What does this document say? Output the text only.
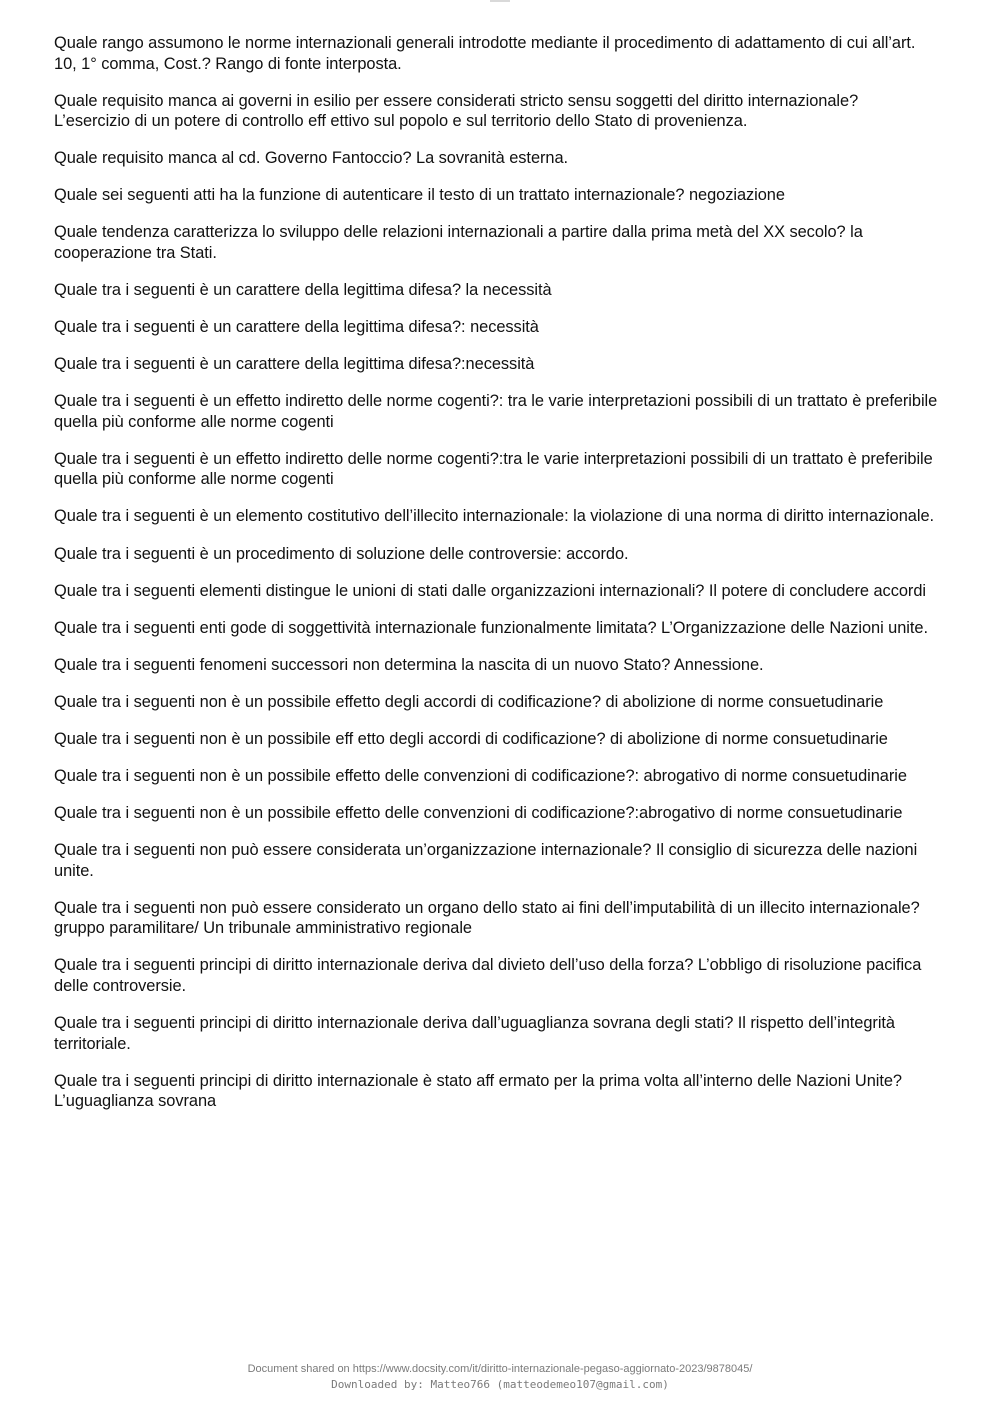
Quale rango assumono le norme internazionali generali introdotte mediante il procedimento di adattamento di cui all’art. 10, 1° comma, Cost.? Rango di fonte interposta.

Quale requisito manca ai governi in esilio per essere considerati stricto sensu soggetti del diritto internazionale? L’esercizio di un potere di controllo eff ettivo sul popolo e sul territorio dello Stato di provenienza.

Quale requisito manca al cd. Governo Fantoccio? La sovranità esterna.

Quale sei seguenti atti ha la funzione di autenticare il testo di un trattato internazionale? negoziazione

Quale tendenza caratterizza lo sviluppo delle relazioni internazionali a partire dalla prima metà del XX secolo? la cooperazione tra Stati.

Quale tra i seguenti è un carattere della legittima difesa? la necessità

Quale tra i seguenti è un carattere della legittima difesa?: necessità

Quale tra i seguenti è un carattere della legittima difesa?:necessità

Quale tra i seguenti è un effetto indiretto delle norme cogenti?: tra le varie interpretazioni possibili di un trattato è preferibile quella più conforme alle norme cogenti

Quale tra i seguenti è un effetto indiretto delle norme cogenti?:tra le varie interpretazioni possibili di un trattato è preferibile quella più conforme alle norme cogenti

Quale tra i seguenti è un elemento costitutivo dell’illecito internazionale: la violazione di una norma di diritto internazionale.

Quale tra i seguenti è un procedimento di soluzione delle controversie: accordo.

Quale tra i seguenti elementi distingue le unioni di stati dalle organizzazioni internazionali? Il potere di concludere accordi

Quale tra i seguenti enti gode di soggettività internazionale funzionalmente limitata? L’Organizzazione delle Nazioni unite.

Quale tra i seguenti fenomeni successori non determina la nascita di un nuovo Stato? Annessione.

Quale tra i seguenti non è un possibile effetto degli accordi di codificazione? di abolizione di norme consuetudinarie

Quale tra i seguenti non è un possibile eff etto degli accordi di codificazione? di abolizione di norme consuetudinarie

Quale tra i seguenti non è un possibile effetto delle convenzioni di codificazione?: abrogativo di norme consuetudinarie

Quale tra i seguenti non è un possibile effetto delle convenzioni di codificazione?:abrogativo di norme consuetudinarie

Quale tra i seguenti non può essere considerata un’organizzazione internazionale? Il consiglio di sicurezza delle nazioni unite.

Quale tra i seguenti non può essere considerato un organo dello stato ai fini dell’imputabilità di un illecito internazionale? gruppo paramilitare/ Un tribunale amministrativo regionale

Quale tra i seguenti principi di diritto internazionale deriva dal divieto dell’uso della forza? L’obbligo di risoluzione pacifica delle controversie.

Quale tra i seguenti principi di diritto internazionale deriva dall’uguaglianza sovrana degli stati? Il rispetto dell’integrità territoriale.

Quale tra i seguenti principi di diritto internazionale è stato aff ermato per la prima volta all’interno delle Nazioni Unite? L’uguaglianza sovrana

Document shared on https://www.docsity.com/it/diritto-internazionale-pegaso-aggiornato-2023/9878045/
Downloaded by: Matteo766 (matteodemeo107@gmail.com)
